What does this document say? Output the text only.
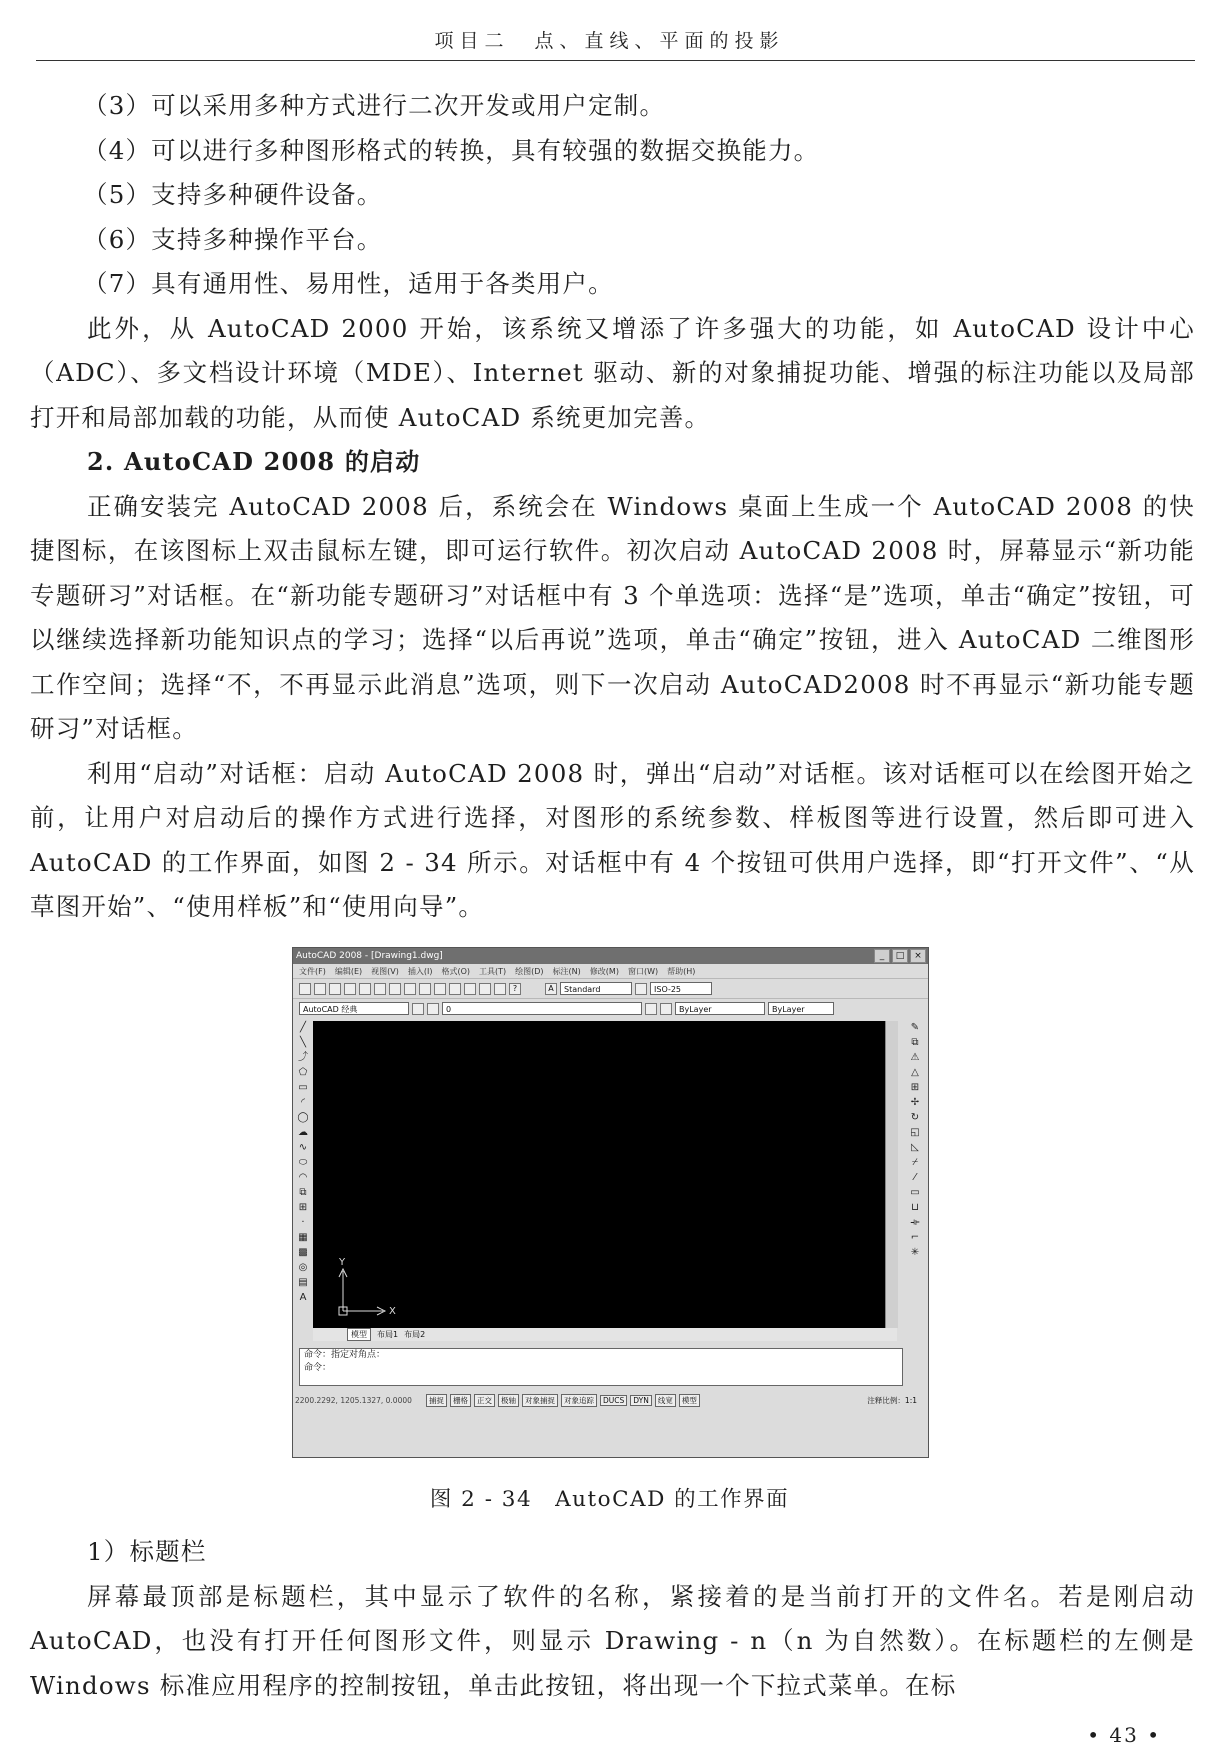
项目二　点、直线、平面的投影

（3）可以采用多种方式进行二次开发或用户定制。

（4）可以进行多种图形格式的转换，具有较强的数据交换能力。

（5）支持多种硬件设备。

（6）支持多种操作平台。

（7）具有通用性、易用性，适用于各类用户。

此外，从 AutoCAD 2000 开始，该系统又增添了许多强大的功能，如 AutoCAD 设计中心（ADC）、多文档设计环境（MDE）、Internet 驱动、新的对象捕捉功能、增强的标注功能以及局部打开和局部加载的功能，从而使 AutoCAD 系统更加完善。

2. AutoCAD 2008 的启动

正确安装完 AutoCAD 2008 后，系统会在 Windows 桌面上生成一个 AutoCAD 2008 的快捷图标，在该图标上双击鼠标左键，即可运行软件。初次启动 AutoCAD 2008 时，屏幕显示“新功能专题研习”对话框。在“新功能专题研习”对话框中有 3 个单选项：选择“是”选项，单击“确定”按钮，可以继续选择新功能知识点的学习；选择“以后再说”选项，单击“确定”按钮，进入 AutoCAD 二维图形工作空间；选择“不，不再显示此消息”选项，则下一次启动 AutoCAD2008 时不再显示“新功能专题研习”对话框。

利用“启动”对话框：启动 AutoCAD 2008 时，弹出“启动”对话框。该对话框可以在绘图开始之前，让用户对启动后的操作方式进行选择，对图形的系统参数、样板图等进行设置，然后即可进入 AutoCAD 的工作界面，如图 2 - 34 所示。对话框中有 4 个按钮可供用户选择，即“打开文件”、“从草图开始”、“使用样板”和“使用向导”。

AutoCAD 2008 - [Drawing1.dwg]	_	□	×
文件(F) 编辑(E) 视图(V) 插入(I) 格式(O) 工具(T) 绘图(D) 标注(N) 修改(M) 窗口(W) 帮助(H)
?	A	Standard	ISO-25
AutoCAD 经典	0	ByLayer	ByLayer
╱
╲
⤴
⬠
▭
◜
◯
☁
∿
⬭
◠
⧉
⊞
·
▦
▩
◎
▤
A
✎
⧉
⚠
△
⊞
✢
↻
◱
◺
⌿
⁄
▭
⊔
⟛
⌐
✳
Y
X
模型	布局1 布局2
命令：指定对角点：
命令：
2200.2292, 1205.1327, 0.0000	捕捉	栅格	正交	极轴	对象捕捉	对象追踪	DUCS	DYN	线宽	模型	注释比例：1:1
图 2 - 34　AutoCAD 的工作界面

1）标题栏

屏幕最顶部是标题栏，其中显示了软件的名称，紧接着的是当前打开的文件名。若是刚启动 AutoCAD，也没有打开任何图形文件，则显示 Drawing - n（n 为自然数）。在标题栏的左侧是 Windows 标准应用程序的控制按钮，单击此按钮，将出现一个下拉式菜单。在标

• 43 •
